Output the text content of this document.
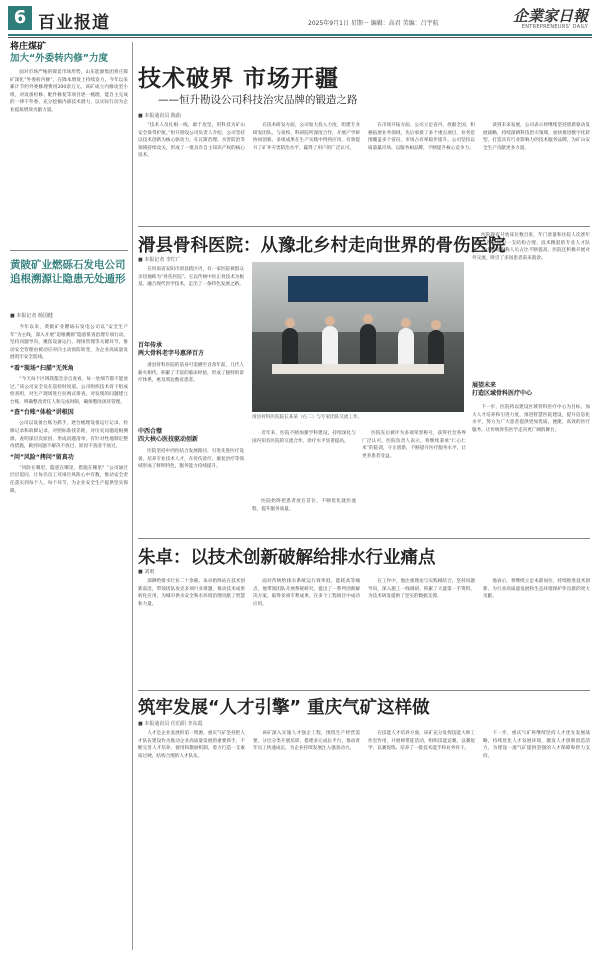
6 百业报道	2025年9月1日 星期一 编辑：高君 美编：吕宇航	企業家日報
ENTREPRENEURS' DAILY
将庄煤矿
加大“外委转内修”力度

面对市场严峻的煤炭市场形势，山东能源集团将庄煤矿深化“外委转内修”，在降本增效上持续发力，今年以来累计节约外委修理费用200余万元。该矿成立内修攻坚小组，对设备检修、配件修复等项目逐一梳理，能自主完成的一律不外委，充分挖掘内部技术潜力，以实际行动为企业提质增效贡献力量。

黄陂矿业燃砾石发电公司追根溯源让隐患无处遁形
■ 本报记者 杨国健

今年以来，黄陂矿业燃砾石发电公司以“安全生产年”为主线，深入开展“追根溯源”隐患排查治理专项行动，坚持问题导向，聚焦设备运行、现场管理等关键环节，推动安全管理由被动应对向主动预防转变，为企业高质量发展筑牢安全防线。

“看”现场“扫描”无死角

“今天每个区域我都会亲自查看，每一处细节都不能放过。”该公司安全员在巡检时说道。公司组织技术骨干组成检查组，对生产现场进行拉网式排查，对发现的问题建立台账，明确整改责任人和完成时限，确保整改闭环管理。

“查”台账“体检”讲根因

公司以设备台账为抓手，逐台梳理设备运行记录、检修记录和故障记录，对照标准找差距，对历史问题追根溯源，查明深层次原因，形成问题清单，有针对性地制定整改措施，做到问题不解决不放过、原因不查清不放过。

“问”风险“拷问”留真功

“风险在哪里、隐患在哪里、措施在哪里？”公司通过层层追问，让每名员工对岗位风险心中有数，推动安全责任落实到每个人、每个环节，为企业安全生产提供坚实保障。

技术破界 市场开疆
——恒升勘设公司科技治灾品牌的锻造之路
■ 本报通讯员 陈曲

“技术人员扎根一线，敢于攻坚，用科技为矿山安全保驾护航。”恒升勘设公司负责人介绍，公司坚持以技术创新为核心驱动力，在瓦斯治理、水害防治等领域持续攻关，形成了一批具有自主知识产权的核心技术。

在技术研发方面，公司加大投入力度，组建专业研发团队，与高校、科研院所深度合作，开展产学研协同创新。多项成果在生产实践中得到应用，有效提升了矿井灾害防治水平，赢得了用户的广泛认可。

在市场开拓方面，公司立足省内、放眼全国，积极拓展业务领域，先后承接了多个重点项目，业务范围覆盖多个省份，市场占有率稳步提升。公司坚持以质量赢市场、以服务树品牌，不断提升核心竞争力。

谈到未来发展，公司表示将继续坚持创新驱动发展战略，持续深耕科技治灾领域，加快推进数字化转型，打造具有行业影响力的技术服务品牌，为矿山安全生产贡献更多力量。

滑县骨科医院：从豫北乡村走向世界的骨伤医院
■ 本报记者 李忙广

在河南省安阳市滑县辖区内，有一家医院被群众亲切地称为“骨伤医院”。它以传统中医正骨技术为根基，融合现代医学技术，走出了一条特色发展之路。

百年传承
两大骨科老字号惠泽百方

滑县骨科医院的前身可追溯至百余年前，几代人薪火相传，积累了丰富的临床经验，形成了独特的诊疗体系，惠及周边数省患者。

中西合璧
四大核心医技驱动创新

医院坚持中西医结合发展路径，引进先进医疗设备，培养专业技术人才，在骨伤诊疗、康复治疗等领域形成了鲜明特色，服务能力持续提升。

滑县骨科医院院长某某（右二）与专家团队交流工作。

近年来，医院不断加强学科建设，持续深化与国内知名医院的交流合作，诊疗水平显著提高。

医院始终把患者放在首位，不断优化就医流程，提升服务质量。

医院先后被评为多项荣誉称号，获得社会各界广泛认可。医院负责人表示，将继续秉承“仁心仁术”的院训，守正创新，不断提升医疗服务水平，让更多患者受益。

医院现有开放床位数百张，年门诊量和住院人次逐年增长。医院拥有一支结构合理、技术精湛的专业人才队伍，其中高级职称人员占比不断提高。医院还积极开展对外交流，吸引了多国患者前来就诊。

展望未来
打造区域骨科医疗中心

下一步，医院将以建设区域骨科医疗中心为目标，加大人才培养和引进力度，推进智慧医院建设，提升信息化水平，努力为广大患者提供更加优质、便捷、高效的医疗服务，让传统骨伤医学走向更广阔的舞台。

朱卓：以技术创新破解给排水行业痛点
■ 刘雨

深耕给排水行业二十余载，朱卓始终站在技术创新前沿，带领团队攻克多项行业难题，推动技术成果转化应用，为城市供水安全和水环境治理贡献了智慧和力量。

面对传统给排水系统运行效率低、能耗高等痛点，他带领团队开展系统研究，提出了一系列创新解决方案，取得多项专利成果，在多个工程项目中成功应用。

在工作中，他注重理论与实践相结合，坚持问题导向，深入施工一线调研，积累了大量第一手资料，为技术研发提供了坚实的数据支撑。

他表示，将继续立足本职岗位，持续推进技术创新，为行业高质量发展和生态环境保护作出新的更大贡献。

筑牢发展“人才引擎” 重庆气矿这样做
■ 本报通讯员 任伯阳 李东霞

人才是企业发展的第一资源。重庆气矿坚持把人才队伍建设作为推动企业高质量发展的重要抓手，不断完善人才培养、使用和激励机制，着力打造一支素质过硬、结构合理的人才队伍。

该矿深入实施人才强企工程，围绕生产经营需要，分层分类开展培训，搭建多元成长平台，推动青年员工快速成长，为企业持续发展注入强劲动力。

在技能人才培养方面，该矿充分发挥技能大师工作室作用，开展师带徒活动，组织技能竞赛，以赛促学、以赛促练，培养了一批技术能手和业务骨干。

下一步，重庆气矿将继续坚持人才优先发展战略，持续优化人才发展环境，激发人才创新创造活力，为建设一流气矿提供坚强的人才保障和智力支持。
